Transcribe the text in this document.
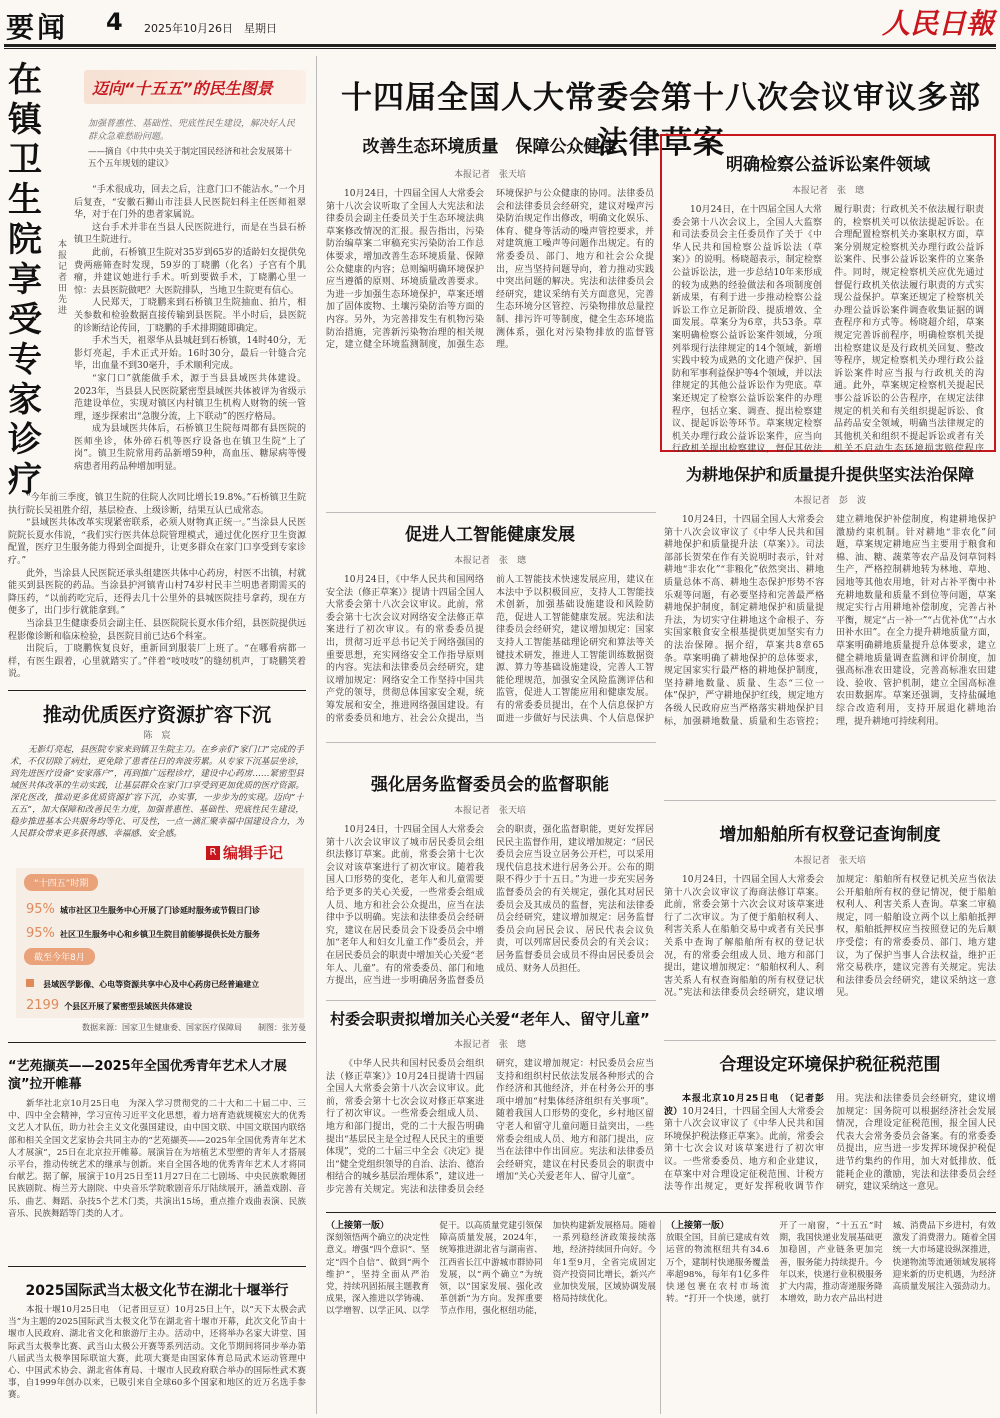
要闻 4 2025年10月26日　星期日	人民日報
在镇卫生院享受专家诊疗
本报记者　田先进
迈向“十五五”的民生图景
加强普惠性、基础性、兜底性民生建设，解决好人民群众急难愁盼问题。
——摘自《中共中央关于制定国民经济和社会发展第十五个五年规划的建议》

“手术很成功，回去之后，注意门口不能沾水。”一个月后复查，“安徽石狮山市洼县人民医院妇科主任医师祖翠华，对于在门外的患者家属说。

这台手术并非在当县人民医院进行，而是在当县石桥镇卫生院进行。

此前，石桥镇卫生院对35岁到65岁的适龄妇女提供免费两癌筛查时发现，59岁的丁晓鹏（化名）子宫有个肌瘤，并建议她进行手术。听到要做手术，丁晓鹏心里一惊：去县医院做吧？大医院排队，当地卫生院更有信心。

人民郑天，丁晓鹏来到石桥镇卫生院抽血、拍片，相关参数和检验数据直接传输到县医院。半小时后，县医院的诊断结论传回，丁晓鹏的手术排期随即确定。

手术当天，祖翠华从县城赶到石桥镇，14时40分，无影灯亮起，手术正式开始。16时30分，最后一针缝合完毕，出血量不到30毫升，手术顺利完成。

“家门口”就能做手术，源于当县县域医共体建设。2023年，当县县人民医院紧密型县域医共体被评为省级示范建设单位，实现对镇区内村镇卫生机构人财物的统一管理，逐步探索出“急腹分流，上下联动”的医疗格局。

成为县域医共体后，石桥镇卫生院每周都有县医院的医师坐诊，体外碎石机等医疗设备也在镇卫生院“上了岗”。镇卫生院常用药品新增59种，高血压、糖尿病等慢病患者用药品种增加明显。

“今年前三季度，镇卫生院的住院人次同比增长19.8%。”石桥镇卫生院执行院长吴祖胜介绍，基层检查、上级诊断，结果互认已成常态。

“县域医共体改革实现紧密联系，必须人财物真正统一。”当涂县人民医院院长夏水伟说，“我们实行医共体总院管理模式，通过优化医疗卫生资源配置，医疗卫生服务能力得到全面提升，让更多群众在家门口享受到专家诊疗。”

此外，当涂县人民医院还承头组建医共体中心药房，村医不出镇，村就能买到县医院的药品。当涂县护河镇青山村74岁村民丰兰明患者期需买的降压药，“以前药吃完后，还得去几十公里外的县城医院挂号拿药，现在方便多了，出门步行就能拿到。”

当涂县卫生健康委员会副主任、县医院院长夏水伟介绍，县医院提供远程影像诊断和临床检验，县医院目前已达6个科室。

出院后，丁晓鹏恢复良好，重新回到服装厂上班了。“在哪看病都一样，有医生跟着，心里就踏实了。”伴着“吱吱吱”的缝纫机声，丁晓鹏笑着说。

推动优质医疗资源扩容下沉
陈　宸
无影灯亮起，县医院专家来到镇卫生院主刀。在乡亲们“家门口”完成的手术，不仅切除了病灶，更免除了患者往日的奔波劳累。从专家下沉基层坐诊，到先进医疗设备“安家落户”，再到推广远程诊疗，建设中心药房……紧密型县域医共体改革的生动实践，让基层群众在家门口享受到更加优质的医疗资源。深化医改，推动更多优质资源扩容下沉，办实事，一步步为的实现。迈向“十五五”，加大保障和改善民生力度，加强普惠性、基础性、兜底性民生建设，稳步推进基本公共服务均等化、可及性，一点一滴汇聚幸福中国建设合力，为人民群众带来更多获得感、幸福感、安全感。
R 编辑手记
“十四五”时期
95% 城市社区卫生服务中心开展了门诊延时服务或节假日门诊
95% 社区卫生服务中心和乡镇卫生院目前能够提供长处方服务
截至今年8月
县域医学影像、心电等资源共享中心及中心药房已经普遍建立
2199 个县区开展了紧密型县域医共体建设
数据来源：国家卫生健康委、国家医疗保障局　　制图：张芳曼
“艺苑撷英——2025年全国优秀青年艺术人才展演”拉开帷幕
新华社北京10月25日电　为深入学习贯彻党的二十大和二十届二中、三中、四中全会精神，学习宣传习近平文化思想，着力培育造就规模宏大的优秀文艺人才队伍，助力社会主义文化强国建设，由中国文联、中国文联国内联络部和相关全国文艺家协会共同主办的“艺苑撷英——2025年全国优秀青年艺术人才展演”，25日在北京拉开帷幕。展演旨在为培植艺术型塑的青年人才搭展示平台，推动传统艺术的继承与创新。来自全国各地的优秀青年艺术人才将同台献艺。据了解，展演于10月25日至11月27日在二七剧场、中央民族歌舞团民族剧院、梅兰芳大剧院、中央音乐学院歌剧音乐厅陆续展开，涵盖戏剧、音乐、曲艺、舞蹈、杂技5个艺术门类，共演出15场，重点推介戏曲表演、民族音乐、民族舞蹈等门类的人才。
2025国际武当太极文化节在湖北十堰举行
本报十堰10月25日电　（记者田豆豆）10月25日上午，以“天下太极会武当”为主题的2025国际武当太极文化节在湖北省十堰市开幕，此次文化节由十堰市人民政府、湖北省文化和旅游厅主办。活动中，还将举办名家大讲堂、国际武当太极拳比赛、武当山太极公开赛等系列活动。文化节期间将同步举办第八届武当太极拳国际联谊大赛，此项大赛是由国家体育总局武术运动管理中心、中国武术协会、湖北省体育局、十堰市人民政府联合举办的国际性武术赛事，自1999年创办以来，已吸引来自全球60多个国家和地区的近万名选手参赛。
十四届全国人大常委会第十八次会议审议多部法律草案
改善生态环境质量　保障公众健康
本报记者　张天培
10月24日，十四届全国人大常委会第十八次会议听取了全国人大宪法和法律委员会副主任委员关于生态环境法典草案修改情况的汇报。报告指出，污染防治编草案二审稿充实污染防治工作总体要求，增加改善生态环境质量、保障公众健康的内容；总则编明确环境保护应当遵循的原则、环境质量改善要求。为进一步加强生态环境保护，草案还增加了固体废物、土壤污染防治等方面的内容。另外，为完善排发生有机物污染防治措施，完善新污染物治理的相关规定，建立健全环境监测制度，加强生态环境保护与公众健康的协同。法律委员会和法律委员会经研究，建议对噪声污染防治规定作出修改，明确文化娱乐、体育、健身等活动的噪声管控要求，并对建筑施工噪声等问题作出规定。有的常委委员、部门、地方和社会公众提出，应当坚持问题导向，着力推动实践中突出问题的解决。宪法和法律委员会经研究，建议采纳有关方面意见，完善生态环境分区管控、污染物排放总量控制、排污许可等制度，健全生态环境监测体系，强化对污染物排放的监督管理。
明确检察公益诉讼案件领域
本报记者　张　璁
10月24日，在十四届全国人大常委会第十八次会议上，全国人大监察和司法委员会主任委员作了关于《中华人民共和国检察公益诉讼法（草案）》的说明。杨晓超表示，制定检察公益诉讼法，进一步总结10年来形成的较为成熟的经验做法和各项制度创新成果，有利于进一步推动检察公益诉讼工作立足新阶段、提质增效、全面发展。草案分为6章，共53条。草案明确检察公益诉讼案件领域，分项列举现行法律规定的14个领域，新增实践中较为成熟的文化遗产保护、国防和军事利益保护等4个领域，并以法律规定的其他公益诉讼作为兜底。草案还规定了检察公益诉讼案件的办理程序，包括立案、调查、提出检察建议、提起诉讼等环节。草案规定检察机关办理行政公益诉讼案件，应当向行政机关提出检察建议，督促其依法履行职责；行政机关不依法履行职责的，检察机关可以依法提起诉讼。在合理配置检察机关办案职权方面，草案分别规定检察机关办理行政公益诉讼案件、民事公益诉讼案件的立案条件。同时，规定检察机关应优先通过督促行政机关依法履行职责的方式实现公益保护。草案还规定了检察机关办理公益诉讼案件调查收集证据的调查程序和方式等。杨晓超介绍，草案规定完善诉前程序，明确检察机关提出检察建议是及行政机关回复、整改等程序，规定检察机关办理行政公益诉讼案件时应当报与行政机关的沟通。此外，草案规定检察机关提起民事公益诉讼的公告程序，在规定法律规定的机关和有关组织提起诉讼、食品药品安全领域，明确当法律规定的其他机关和组织不提起诉讼或者有关机关不启动生态环境损害赔偿程序
促进人工智能健康发展
本报记者　张　璁
10月24日，《中华人民共和国网络安全法（修正草案）》提请十四届全国人大常委会第十八次会议审议。此前，常委会第十七次会议对网络安全法修正草案进行了初次审议。有的常委委员提出，贯彻习近平总书记关于网络强国的重要思想，充实网络安全工作指导原则的内容。宪法和法律委员会经研究，建议增加规定：网络安全工作坚持中国共产党的领导，贯彻总体国家安全观，统筹发展和安全，推进网络强国建设。有的常委委员和地方、社会公众提出，当前人工智能技术快速发展应用，建议在本法中予以积极回应，支持人工智能技术创新，加强基础设施建设和风险防范，促进人工智能健康发展。宪法和法律委员会经研究，建议增加规定：国家支持人工智能基础理论研究和算法等关键技术研发，推进人工智能训练数据资源、算力等基础设施建设，完善人工智能伦理规范，加强安全风险监测评估和监管，促进人工智能应用和健康发展。有的常委委员提出，在个人信息保护方面进一步做好与民法典、个人信息保护
为耕地保护和质量提升提供坚实法治保障
本报记者　彭　波
10月24日，十四届全国人大常委会第十八次会议审议了《中华人民共和国耕地保护和质量提升法（草案）》。司法部部长贺荣在作有关说明时表示，针对耕地“非农化”“非粮化”依然突出、耕地质量总体不高、耕地生态保护形势不容乐观等问题，有必要坚持和完善最严格耕地保护制度，制定耕地保护和质量提升法，为切实守住耕地这个命根子、夯实国家粮食安全根基提供更加坚实有力的法治保障。据介绍，草案共8章65条。草案明确了耕地保护的总体要求，规定国家实行最严格的耕地保护制度，坚持耕地数量、质量、生态“三位一体”保护，严守耕地保护红线，规定地方各级人民政府应当严格落实耕地保护目标，加强耕地数量、质量和生态管控；建立耕地保护补偿制度，构建耕地保护激励约束机制。针对耕地“非农化”问题，草案规定耕地应当主要用于粮食和棉、油、糖、蔬菜等农产品及饲草饲料生产，严格控制耕地转为林地、草地、园地等其他农用地，针对占补平衡中补充耕地数量和质量不到位等问题，草案规定实行占用耕地补偿制度，完善占补平衡，规定“占一补一”“占优补优”“占水田补水田”。在全力提升耕地质量方面，草案明确耕地质量提升总体要求，建立健全耕地质量调查监测和评价制度，加强高标准农田建设，完善高标准农田建设、验收、管护机制，建立全国高标准农田数据库。草案还强调，支持盐碱地综合改造利用，支持开展退化耕地治理，提升耕地可持续利用。
强化居务监督委员会的监督职能
本报记者　张天培
10月24日，十四届全国人大常委会第十八次会议审议了城市居民委员会组织法修订草案。此前，常委会第十七次会议对该草案进行了初次审议。随着我国人口形势的变化，老年人和儿童需要给予更多的关心关爱，一些常委会组成人员、地方和社会公众提出，应当在法律中予以明确。宪法和法律委员会经研究，建议在居民委员会下设委员会中增加“老年人和妇女儿童工作”委员会，并在居民委员会的职责中增加关心关爱“老年人、儿童”。有的常委委员、部门和地方提出，应当进一步明确居务监督委员会的职责，强化监督职能，更好发挥居民民主监督作用，建议增加规定：“居民委员会应当设立居务公开栏，可以采用现代信息技术进行居务公开。公布的期限不得少于十五日。”为进一步充实居务监督委员会的有关规定，强化其对居民委员会及其成员的监督，宪法和法律委员会经研究，建议增加规定：居务监督委员会向居民会议、居民代表会议负责，可以列席居民委员会的有关会议；居务监督委员会成员不得由居民委员会成员、财务人员担任。
增加船舶所有权登记查询制度
本报记者　张天培
10月24日，十四届全国人大常委会第十八次会议审议了海商法修订草案。此前，常委会第十六次会议对该草案进行了二次审议。为了便于船舶权利人、利害关系人在船舶交易中或者有关民事关系中查询了解船舶所有权的登记状况，有的常委会组成人员、地方和部门提出，建议增加规定：“船舶权利人、利害关系人有权查询船舶的所有权登记状况。”宪法和法律委员会经研究，建议增加规定：船舶所有权登记机关应当依法公开船舶所有权的登记情况，便于船舶权利人、利害关系人查询。草案二审稿规定，同一船舶设立两个以上船舶抵押权，船舶抵押权应当按照登记的先后顺序受偿；有的常委委员、部门、地方建议，为了保护当事人合法权益，维护正常交易秩序，建议完善有关规定。宪法和法律委员会经研究，建议采纳这一意见。
村委会职责拟增加关心关爱“老年人、留守儿童”
本报记者　张　璁
《中华人民共和国村民委员会组织法（修正草案）》10月24日提请十四届全国人大常委会第十八次会议审议。此前，常委会第十七次会议对修正草案进行了初次审议。一些常委会组成人员、地方和部门提出，党的二十大报告明确提出“基层民主是全过程人民民主的重要体现”，党的二十届三中全会《决定》提出“健全党组织领导的自治、法治、德治相结合的城乡基层治理体系”，建议进一步完善有关规定。宪法和法律委员会经研究，建议增加规定：村民委员会应当支持和组织村民依法发展各种形式的合作经济和其他经济，并在村务公开的事项中增加“村集体经济组织有关事项”。随着我国人口形势的变化，乡村地区留守老人和留守儿童问题日益突出，一些常委会组成人员、地方和部门提出，应当在法律中作出回应。宪法和法律委员会经研究，建议在村民委员会的职责中增加“关心关爱老年人、留守儿童”。
合理设定环境保护税征税范围
本报北京10月25日电　（记者彭波）10月24日，十四届全国人大常委会第十八次会议审议了《中华人民共和国环境保护税法修正草案》。此前，常委会第十七次会议对该草案进行了初次审议。一些常委委员、地方和企业建议，在草案中对合理设定征税范围、计税方法等作出规定，更好发挥税收调节作用。宪法和法律委员会经研究，建议增加规定：国务院可以根据经济社会发展情况，合理设定征税范围，报全国人民代表大会常务委员会备案。有的常委委员提出，应当进一步发挥环境保护税促进节约集约的作用，加大对低排放、低能耗企业的激励，宪法和法律委员会经研究，建议采纳这一意见。
（上接第一版）
深刻领悟两个确立的决定性意义。增强“四个意识”、坚定“四个自信”、做到“两个维护”，坚持全面从严治党，持续巩固拓展主题教育成果，深入推进以学铸魂、以学增智、以学正风、以学促干。以高质量党建引领保障高质量发展，2024年，统筹推进湖北省与湖南省、江西省长江中游城市群协同发展，以“两个确立”为统领，以“国家发展、强化改革创新”为方向。发挥重要节点作用，强化枢纽功能，加快构建新发展格局。随着一系列稳经济政策接续落地，经济持续回升向好。今年1至9月，全省完成固定资产投资同比增长，新兴产业加快发展，区域协调发展格局持续优化。
（上接第一版）
放眼全国，目前已建成有效运营的物流枢纽共有34.6万个，建制村快递服务覆盖率超98%，每年有1亿多件快递包裹在农村市场流转。“打开一个快递，就打开了一扇窗，“十五五”时期，我国快递业发展基础更加稳固，产业链条更加完善，服务能力持续提升。今年以来，快递行业积极服务扩大内需，推动寄递服务降本增效，助力农产品出村进城、消费品下乡进村，有效激发了消费潜力。随着全国统一大市场建设纵深推进，快递物流等流通领域发展将迎来新的历史机遇，为经济高质量发展注入强劲动力。
